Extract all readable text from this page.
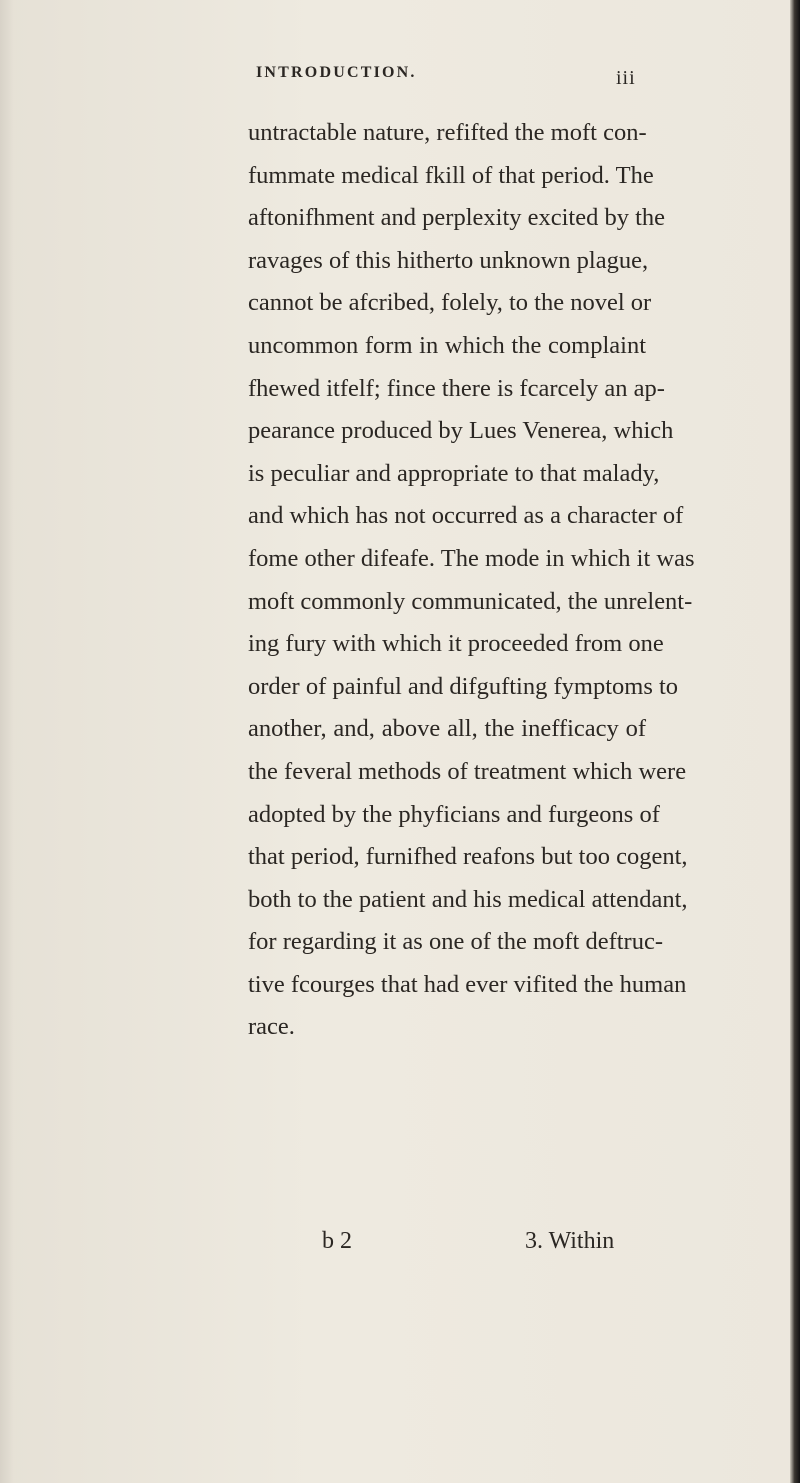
INTRODUCTION.	iii
untractable nature, refifted the moft con-
fummate medical fkill of that period. The
aftonifhment and perplexity excited by the
ravages of this hitherto unknown plague,
cannot be afcribed, folely, to the novel or
uncommon form in which the complaint
fhewed itfelf; fince there is fcarcely an ap-
pearance produced by Lues Venerea, which
is peculiar and appropriate to that malady,
and which has not occurred as a character of
fome other difeafe. The mode in which it was
moft commonly communicated, the unrelent-
ing fury with which it proceeded from one
order of painful and difgufting fymptoms to
another, and, above all, the inefficacy of
the feveral methods of treatment which were
adopted by the phyficians and furgeons of
that period, furnifhed reafons but too cogent,
both to the patient and his medical attendant,
for regarding it as one of the moft deftruc-
tive fcourges that had ever vifited the human
race.
b 2	3. Within
